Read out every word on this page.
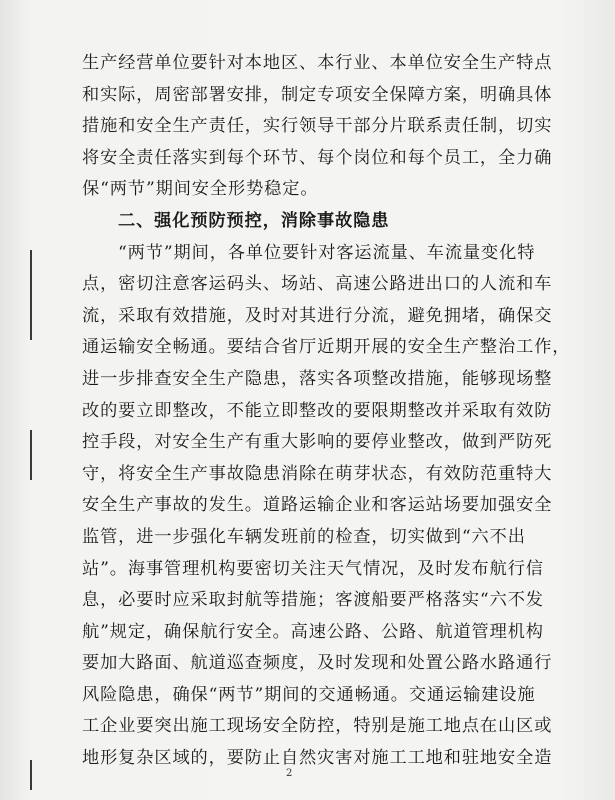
生产经营单位要针对本地区、本行业、本单位安全生产特点
和实际，周密部署安排，制定专项安全保障方案，明确具体
措施和安全生产责任，实行领导干部分片联系责任制，切实
将安全责任落实到每个环节、每个岗位和每个员工，全力确
保“两节”期间安全形势稳定。
二、强化预防预控，消除事故隐患
“两节”期间，各单位要针对客运流量、车流量变化特
点，密切注意客运码头、场站、高速公路进出口的人流和车
流，采取有效措施，及时对其进行分流，避免拥堵，确保交
通运输安全畅通。要结合省厅近期开展的安全生产整治工作，
进一步排查安全生产隐患，落实各项整改措施，能够现场整
改的要立即整改，不能立即整改的要限期整改并采取有效防
控手段，对安全生产有重大影响的要停业整改，做到严防死
守，将安全生产事故隐患消除在萌芽状态，有效防范重特大
安全生产事故的发生。道路运输企业和客运站场要加强安全
监管，进一步强化车辆发班前的检查，切实做到“六不出
站”。海事管理机构要密切关注天气情况，及时发布航行信
息，必要时应采取封航等措施；客渡船要严格落实“六不发
航”规定，确保航行安全。高速公路、公路、航道管理机构
要加大路面、航道巡查频度，及时发现和处置公路水路通行
风险隐患，确保“两节”期间的交通畅通。交通运输建设施
工企业要突出施工现场安全防控，特别是施工地点在山区或
地形复杂区域的，要防止自然灾害对施工工地和驻地安全造
2
